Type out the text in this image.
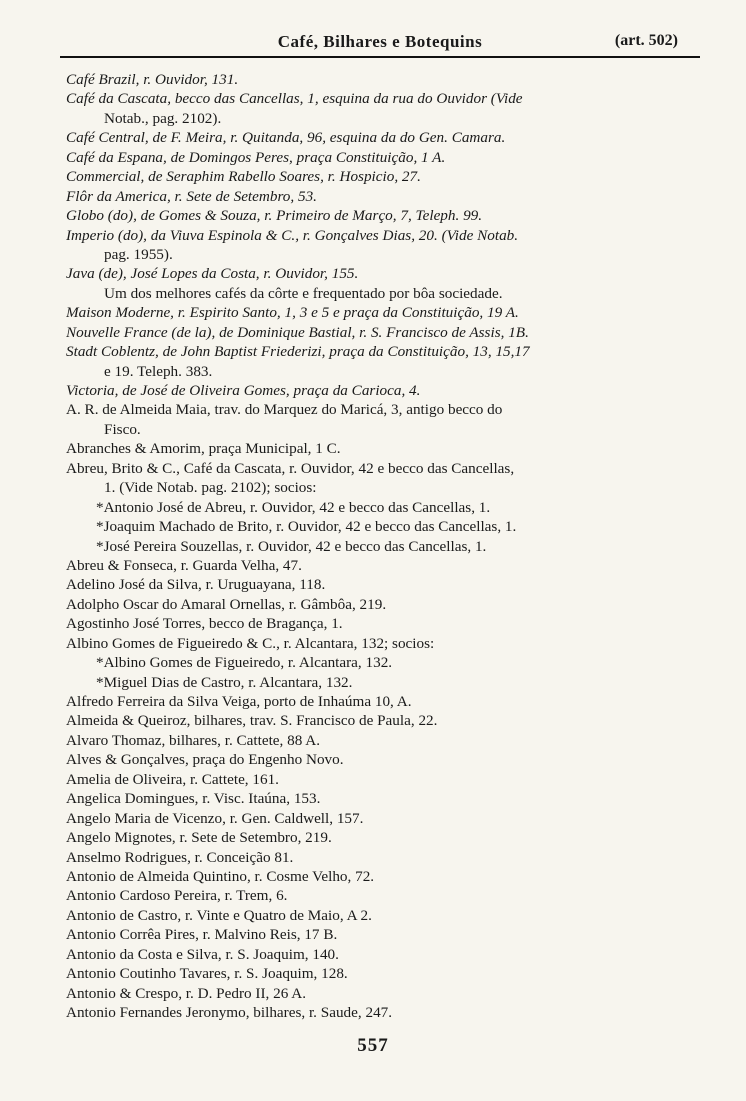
Café, Bilhares e Botequins	(art. 502)
Café Brazil, r. Ouvidor, 131.
Café da Cascata, becco das Cancellas, 1, esquina da rua do Ouvidor (Vide
Notab., pag. 2102).
Café Central, de F. Meira, r. Quitanda, 96, esquina da do Gen. Camara.
Café da Espana, de Domingos Peres, praça Constituição, 1 A.
Commercial, de Seraphim Rabello Soares, r. Hospicio, 27.
Flôr da America, r. Sete de Setembro, 53.
Globo (do), de Gomes & Souza, r. Primeiro de Março, 7, Teleph. 99.
Imperio (do), da Viuva Espinola & C., r. Gonçalves Dias, 20. (Vide Notab.
pag. 1955).
Java (de), José Lopes da Costa, r. Ouvidor, 155.
Um dos melhores cafés da côrte e frequentado por bôa sociedade.
Maison Moderne, r. Espirito Santo, 1, 3 e 5 e praça da Constituição, 19 A.
Nouvelle France (de la), de Dominique Bastial, r. S. Francisco de Assis, 1B.
Stadt Coblentz, de John Baptist Friederizi, praça da Constituição, 13, 15,17
e 19. Teleph. 383.
Victoria, de José de Oliveira Gomes, praça da Carioca, 4.
A. R. de Almeida Maia, trav. do Marquez do Maricá, 3, antigo becco do
Fisco.
Abranches & Amorim, praça Municipal, 1 C.
Abreu, Brito & C., Café da Cascata, r. Ouvidor, 42 e becco das Cancellas,
1. (Vide Notab. pag. 2102); socios:
*Antonio José de Abreu, r. Ouvidor, 42 e becco das Cancellas, 1.
*Joaquim Machado de Brito, r. Ouvidor, 42 e becco das Cancellas, 1.
*José Pereira Souzellas, r. Ouvidor, 42 e becco das Cancellas, 1.
Abreu & Fonseca, r. Guarda Velha, 47.
Adelino José da Silva, r. Uruguayana, 118.
Adolpho Oscar do Amaral Ornellas, r. Gâmbôa, 219.
Agostinho José Torres, becco de Bragança, 1.
Albino Gomes de Figueiredo & C., r. Alcantara, 132; socios:
*Albino Gomes de Figueiredo, r. Alcantara, 132.
*Miguel Dias de Castro, r. Alcantara, 132.
Alfredo Ferreira da Silva Veiga, porto de Inhaúma 10, A.
Almeida & Queiroz, bilhares, trav. S. Francisco de Paula, 22.
Alvaro Thomaz, bilhares, r. Cattete, 88 A.
Alves & Gonçalves, praça do Engenho Novo.
Amelia de Oliveira, r. Cattete, 161.
Angelica Domingues, r. Visc. Itaúna, 153.
Angelo Maria de Vicenzo, r. Gen. Caldwell, 157.
Angelo Mignotes, r. Sete de Setembro, 219.
Anselmo Rodrigues, r. Conceição 81.
Antonio de Almeida Quintino, r. Cosme Velho, 72.
Antonio Cardoso Pereira, r. Trem, 6.
Antonio de Castro, r. Vinte e Quatro de Maio, A 2.
Antonio Corrêa Pires, r. Malvino Reis, 17 B.
Antonio da Costa e Silva, r. S. Joaquim, 140.
Antonio Coutinho Tavares, r. S. Joaquim, 128.
Antonio & Crespo, r. D. Pedro II, 26 A.
Antonio Fernandes Jeronymo, bilhares, r. Saude, 247.
557
